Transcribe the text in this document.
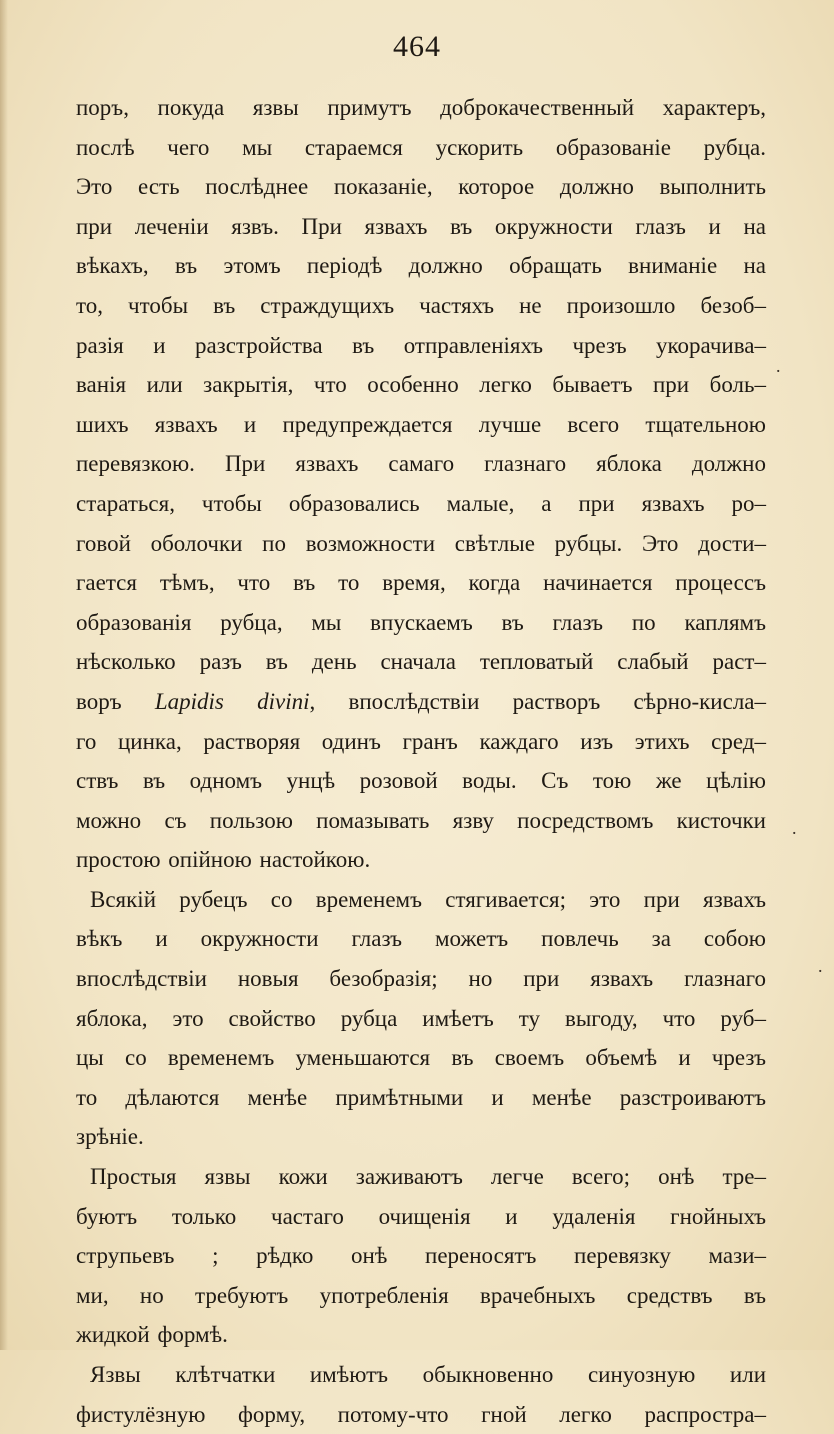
464
поръ, покуда язвы примутъ доброкачественный характеръ,
послѣ чего мы стараемся ускорить образованіе рубца.
Это есть послѣднее показаніе, которое должно выполнить
при леченіи язвъ. При язвахъ въ окружности глазъ и на
вѣкахъ, въ этомъ періодѣ должно обращать вниманіе на
то, чтобы въ страждущихъ частяхъ не произошло безоб–
разія и разстройства въ отправленіяхъ чрезъ укорачива–
ванія или закрытія, что особенно легко бываетъ при боль–
шихъ язвахъ и предупреждается лучше всего тщательною
перевязкою. При язвахъ самаго глазнаго яблока должно
стараться, чтобы образовались малые, а при язвахъ ро–
говой оболочки по возможности свѣтлые рубцы. Это дости–
гается тѣмъ, что въ то время, когда начинается процессъ
образованія рубца, мы впускаемъ въ глазъ по каплямъ
нѣсколько разъ въ день сначала тепловатый слабый раст–
воръ Lapidis divini, впослѣдствіи растворъ сѣрно-кисла–
го цинка, растворяя одинъ гранъ каждаго изъ этихъ сред–
ствъ въ одномъ унцѣ розовой воды. Съ тою же цѣлію
можно съ пользою помазывать язву посредствомъ кисточки
простою опійною настойкою.
Всякій рубецъ со временемъ стягивается; это при язвахъ
вѣкъ и окружности глазъ можетъ повлечь за собою
впослѣдствіи новыя безобразія; но при язвахъ глазнаго
яблока, это свойство рубца имѣетъ ту выгоду, что руб–
цы со временемъ уменьшаются въ своемъ объемѣ и чрезъ
то дѣлаются менѣе примѣтными и менѣе разстроиваютъ
зрѣніе.
Простыя язвы кожи заживаютъ легче всего; онѣ тре–
буютъ только частаго очищенія и удаленія гнойныхъ
струпьевъ ; рѣдко онѣ переносятъ перевязку мази–
ми, но требуютъ употребленія врачебныхъ средствъ въ
жидкой формѣ.
Язвы клѣтчатки имѣютъ обыкновенно синуозную или
фистулёзную форму, потому-что гной легко распростра–
.
.
.
